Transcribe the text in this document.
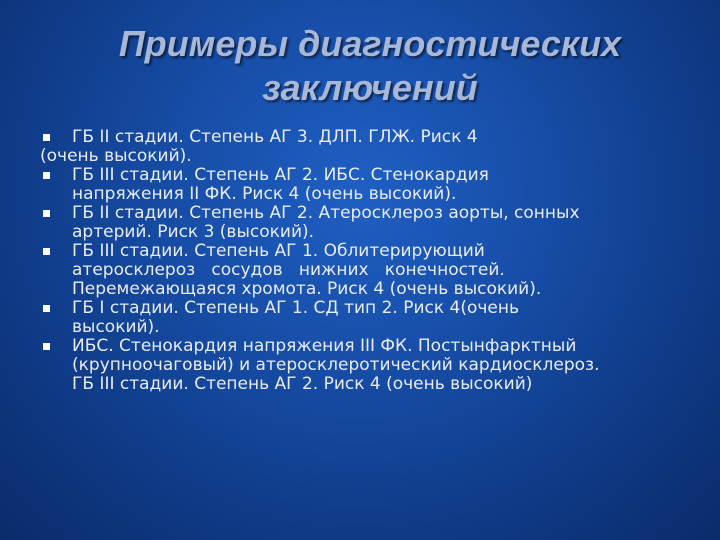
Примеры диагностических
заключений
ГБ II стадии. Степень АГ 3. ДЛП. ГЛЖ. Риск 4
(очень высокий).
ГБ III стадии. Степень АГ 2. ИБС. Стенокардия
напряжения II ФК. Риск 4 (очень высокий).
ГБ II стадии. Степень АГ 2. Атеросклероз аорты, сонных
артерий. Риск 3 (высокий).
ГБ III стадии. Степень АГ 1. Облитерирующий
атеросклероз   сосудов   нижних   конечностей.
Перемежающаяся хромота. Риск 4 (очень высокий).
ГБ I стадии. Степень АГ 1. СД тип 2. Риск 4(очень
высокий).
ИБС. Стенокардия напряжения III ФК. Постынфарктный
(крупноочаговый) и атеросклеротический кардиосклероз.
ГБ III стадии. Степень АГ 2. Риск 4 (очень высокий)
